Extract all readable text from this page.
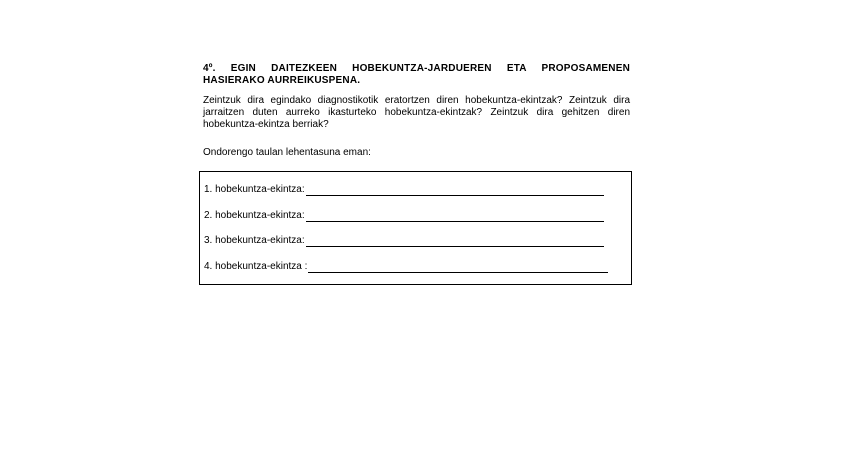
4º. EGIN DAITEZKEEN HOBEKUNTZA-JARDUEREN ETA PROPOSAMENEN HASIERAKO AURREIKUSPENA.
Zeintzuk dira egindako diagnostikotik eratortzen diren hobekuntza-ekintzak? Zeintzuk dira jarraitzen duten aurreko ikasturteko hobekuntza-ekintzak? Zeintzuk dira gehitzen diren hobekuntza-ekintza berriak?
Ondorengo taulan lehentasuna eman:
1. hobekuntza-ekintza:
2. hobekuntza-ekintza:
3. hobekuntza-ekintza:
4. hobekuntza-ekintza :
